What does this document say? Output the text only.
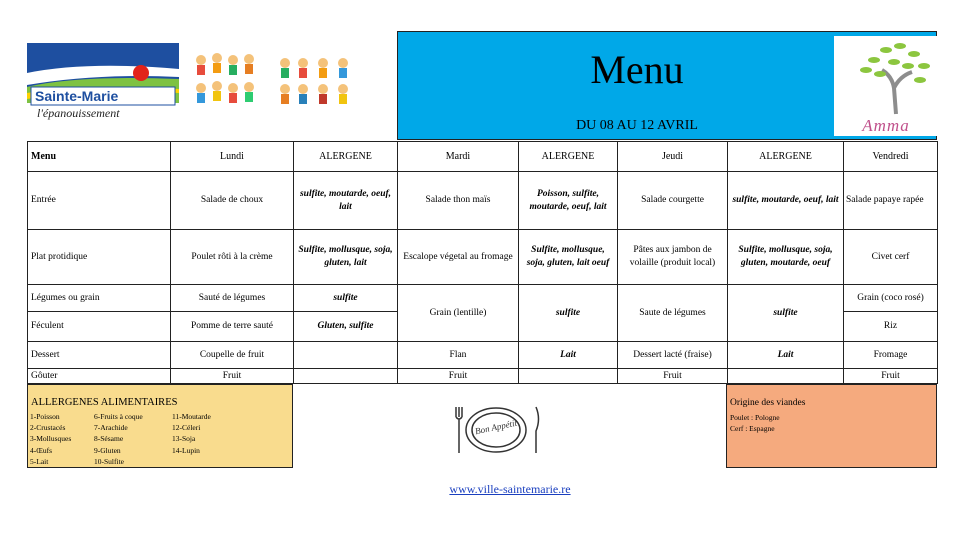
Sainte-Marie
l'épanouissement
Menu
DU 08 AU 12 AVRIL	Amma
Menu	Lundi	ALERGENE	Mardi	ALERGENE	Jeudi	ALERGENE	Vendredi
Entrée	Salade de choux	sulfite, moutarde, oeuf, lait	Salade thon maïs	Poisson, sulfite, moutarde, oeuf, lait	Salade courgette	sulfite, moutarde, oeuf, lait	Salade papaye rapée
Plat protidique	Poulet rôti à la crème	Sulfite, mollusque, soja, gluten, lait	Escalope végetal au fromage	Sulfite, mollusque, soja, gluten, lait oeuf	Pâtes aux jambon de volaille (produit local)	Sulfite, mollusque, soja, gluten, moutarde, oeuf	Civet cerf
Légumes ou grain	Sauté de légumes	sulfite	Grain (lentille)	sulfite	Saute de légumes	sulfite	Grain (coco rosé)
Féculent	Pomme de terre sauté	Gluten, sulfite					Riz
Dessert	Coupelle de fruit		Flan	Lait	Dessert lacté (fraise)	Lait	Fromage
Gôuter	Fruit		Fruit		Fruit		Fruit
ALLERGENES ALIMENTAIRES
1-Poisson
2-Crustacés
3-Mollusques
4-Œufs
5-Lait
6-Fruits à coque
7-Arachide
8-Sésame
9-Gluten
10-Sulfite
11-Moutarde
12-Céleri
13-Soja
14-Lupin
Bon Appétit
Origine des viandes
Poulet : Pologne
Cerf : Espagne
www.ville-saintemarie.re
